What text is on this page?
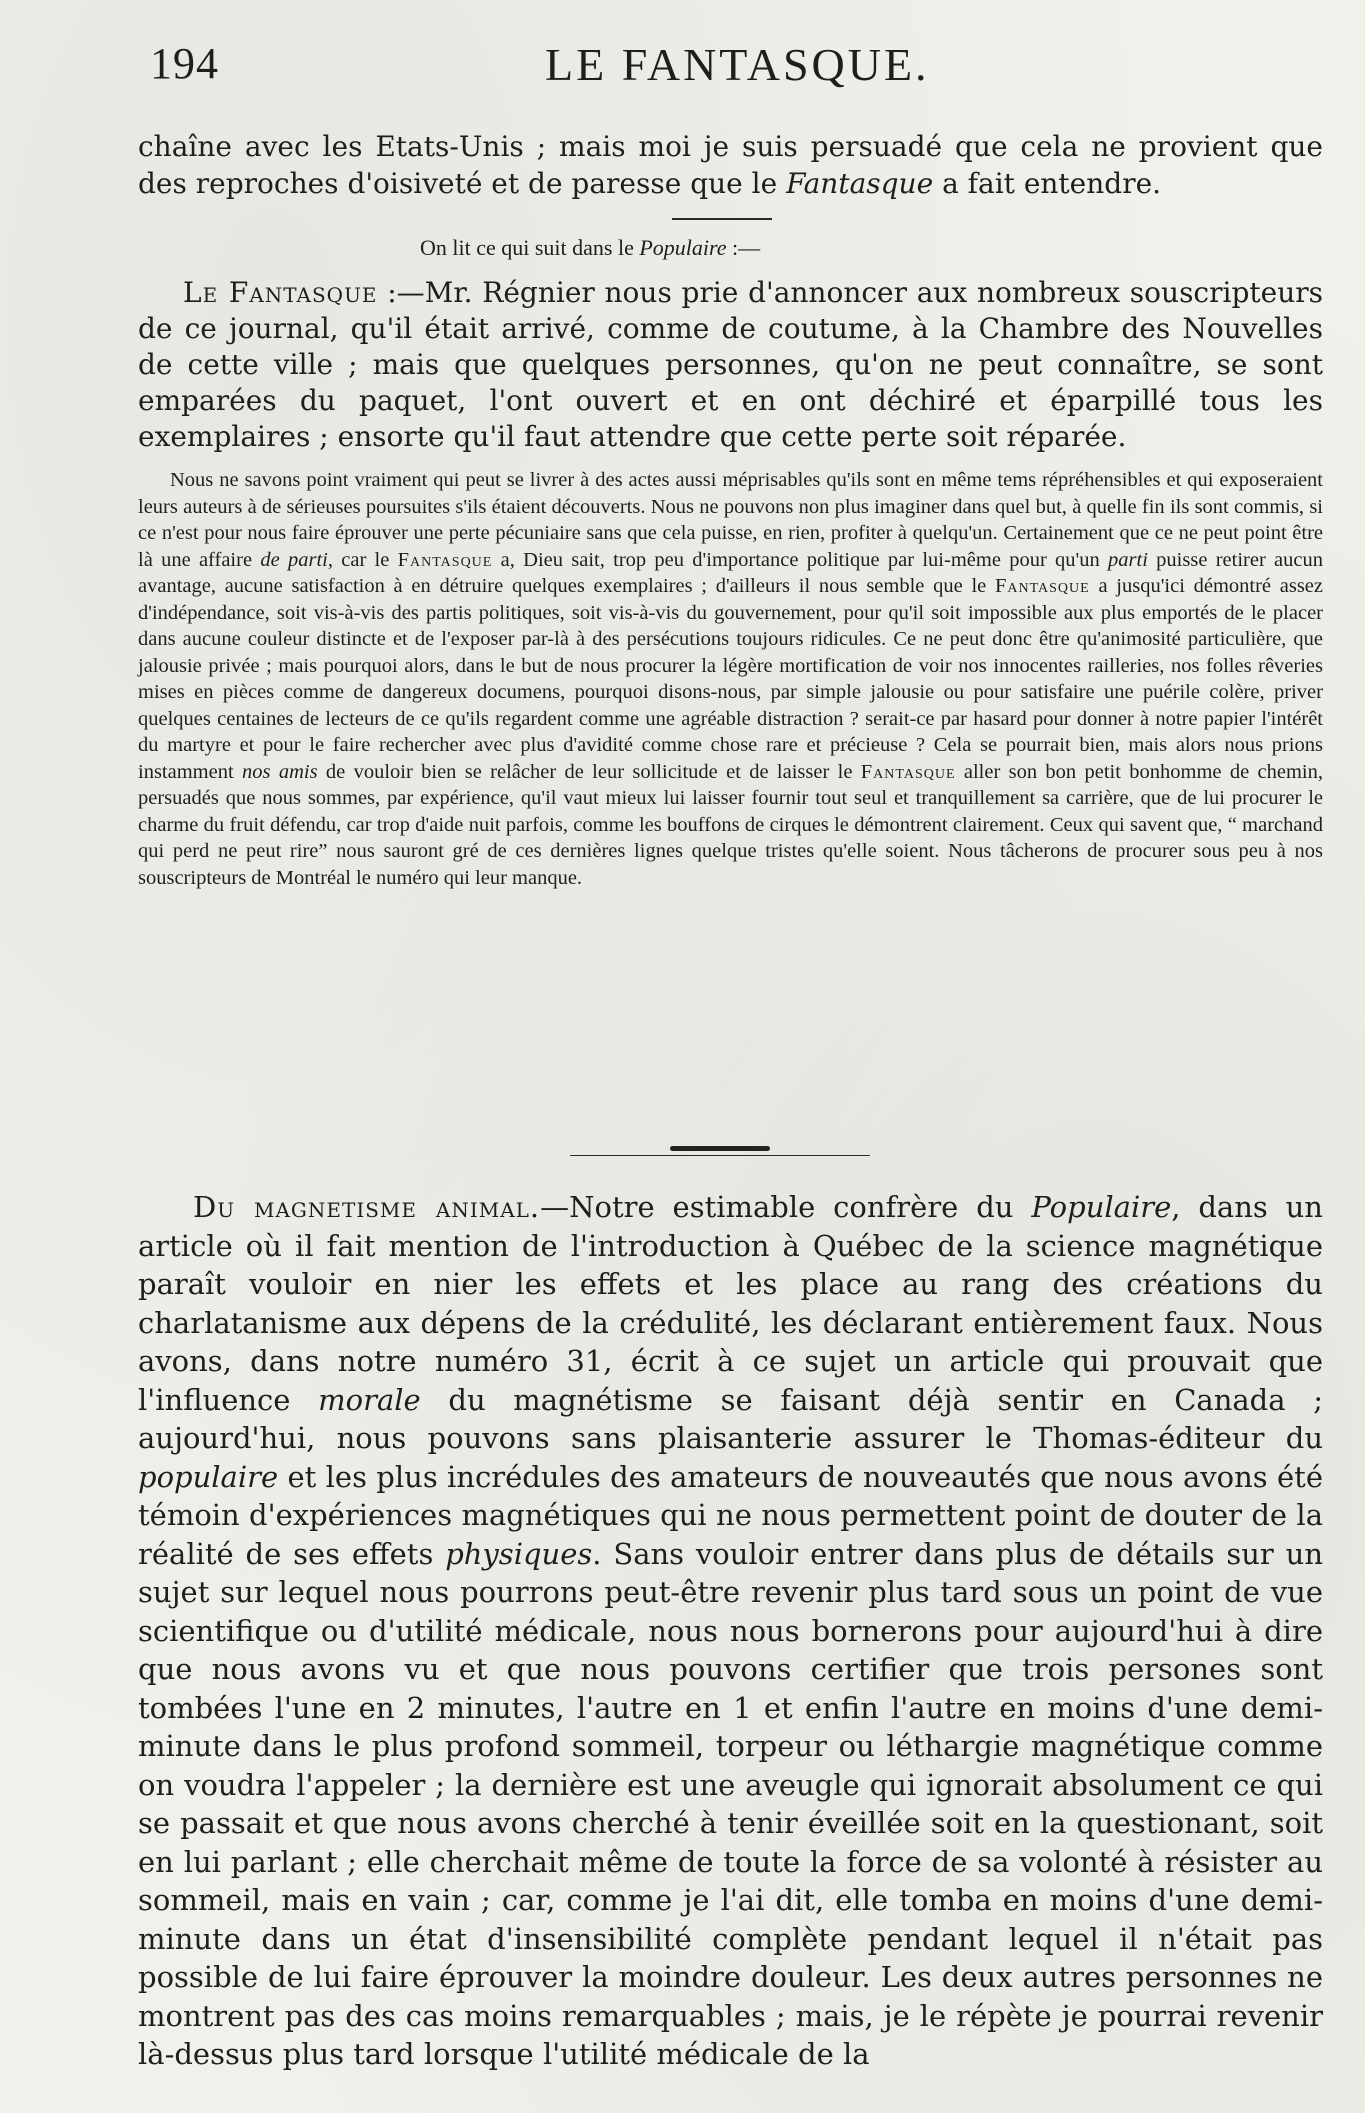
194	LE FANTASQUE.

chaîne avec les Etats-Unis ; mais moi je suis persuadé que cela ne provient que des reproches d'oisiveté et de paresse que le Fantasque a fait entendre.

On lit ce qui suit dans le Populaire :—

Le Fantasque :—Mr. Régnier nous prie d'annoncer aux nombreux souscripteurs de ce journal, qu'il était arrivé, comme de coutume, à la Chambre des Nouvelles de cette ville ; mais que quelques personnes, qu'on ne peut connaître, se sont emparées du paquet, l'ont ouvert et en ont déchiré et éparpillé tous les exemplaires ; ensorte qu'il faut attendre que cette perte soit réparée.

Nous ne savons point vraiment qui peut se livrer à des actes aussi méprisables qu'ils sont en même tems répréhensibles et qui exposeraient leurs auteurs à de sérieuses poursuites s'ils étaient découverts. Nous ne pouvons non plus imaginer dans quel but, à quelle fin ils sont commis, si ce n'est pour nous faire éprouver une perte pécuniaire sans que cela puisse, en rien, profiter à quelqu'un. Certainement que ce ne peut point être là une affaire de parti, car le Fantasque a, Dieu sait, trop peu d'importance politique par lui-même pour qu'un parti puisse retirer aucun avantage, aucune satisfaction à en détruire quelques exemplaires ; d'ailleurs il nous semble que le Fantasque a jusqu'ici démontré assez d'indépendance, soit vis-à-vis des partis politiques, soit vis-à-vis du gouvernement, pour qu'il soit impossible aux plus emportés de le placer dans aucune couleur distincte et de l'exposer par-là à des persécutions toujours ridicules. Ce ne peut donc être qu'animosité particulière, que jalousie privée ; mais pourquoi alors, dans le but de nous procurer la légère mortification de voir nos innocentes railleries, nos folles rêveries mises en pièces comme de dangereux documens, pourquoi disons-nous, par simple jalousie ou pour satisfaire une puérile colère, priver quelques centaines de lecteurs de ce qu'ils regardent comme une agréable distraction ? serait-ce par hasard pour donner à notre papier l'intérêt du martyre et pour le faire rechercher avec plus d'avidité comme chose rare et précieuse ? Cela se pourrait bien, mais alors nous prions instamment nos amis de vouloir bien se relâcher de leur sollicitude et de laisser le Fantasque aller son bon petit bonhomme de chemin, persuadés que nous sommes, par expérience, qu'il vaut mieux lui laisser fournir tout seul et tranquillement sa carrière, que de lui procurer le charme du fruit défendu, car trop d'aide nuit parfois, comme les bouffons de cirques le démontrent clairement. Ceux qui savent que, “ marchand qui perd ne peut rire” nous sauront gré de ces dernières lignes quelque tristes qu'elle soient. Nous tâcherons de procurer sous peu à nos souscripteurs de Montréal le numéro qui leur manque.

Du magnetisme animal.—Notre estimable confrère du Populaire, dans un article où il fait mention de l'introduction à Québec de la science magnétique paraît vouloir en nier les effets et les place au rang des créations du charlatanisme aux dépens de la crédulité, les déclarant entièrement faux. Nous avons, dans notre numéro 31, écrit à ce sujet un article qui prouvait que l'influence morale du magnétisme se faisant déjà sentir en Canada ; aujourd'hui, nous pouvons sans plaisanterie assurer le Thomas-éditeur du populaire et les plus incrédules des amateurs de nouveautés que nous avons été témoin d'expériences magnétiques qui ne nous permettent point de douter de la réalité de ses effets physiques. Sans vouloir entrer dans plus de détails sur un sujet sur lequel nous pourrons peut-être revenir plus tard sous un point de vue scientifique ou d'utilité médicale, nous nous bornerons pour aujourd'hui à dire que nous avons vu et que nous pouvons certifier que trois persones sont tombées l'une en 2 minutes, l'autre en 1 et enfin l'autre en moins d'une demi-minute dans le plus profond sommeil, torpeur ou léthargie magnétique comme on voudra l'appeler ; la dernière est une aveugle qui ignorait absolument ce qui se passait et que nous avons cherché à tenir éveillée soit en la questionant, soit en lui parlant ; elle cherchait même de toute la force de sa volonté à résister au sommeil, mais en vain ; car, comme je l'ai dit, elle tomba en moins d'une demi-minute dans un état d'insensibilité complète pendant lequel il n'était pas possible de lui faire éprouver la moindre douleur. Les deux autres personnes ne montrent pas des cas moins remarquables ; mais, je le répète je pourrai revenir là-dessus plus tard lorsque l'utilité médicale de la
